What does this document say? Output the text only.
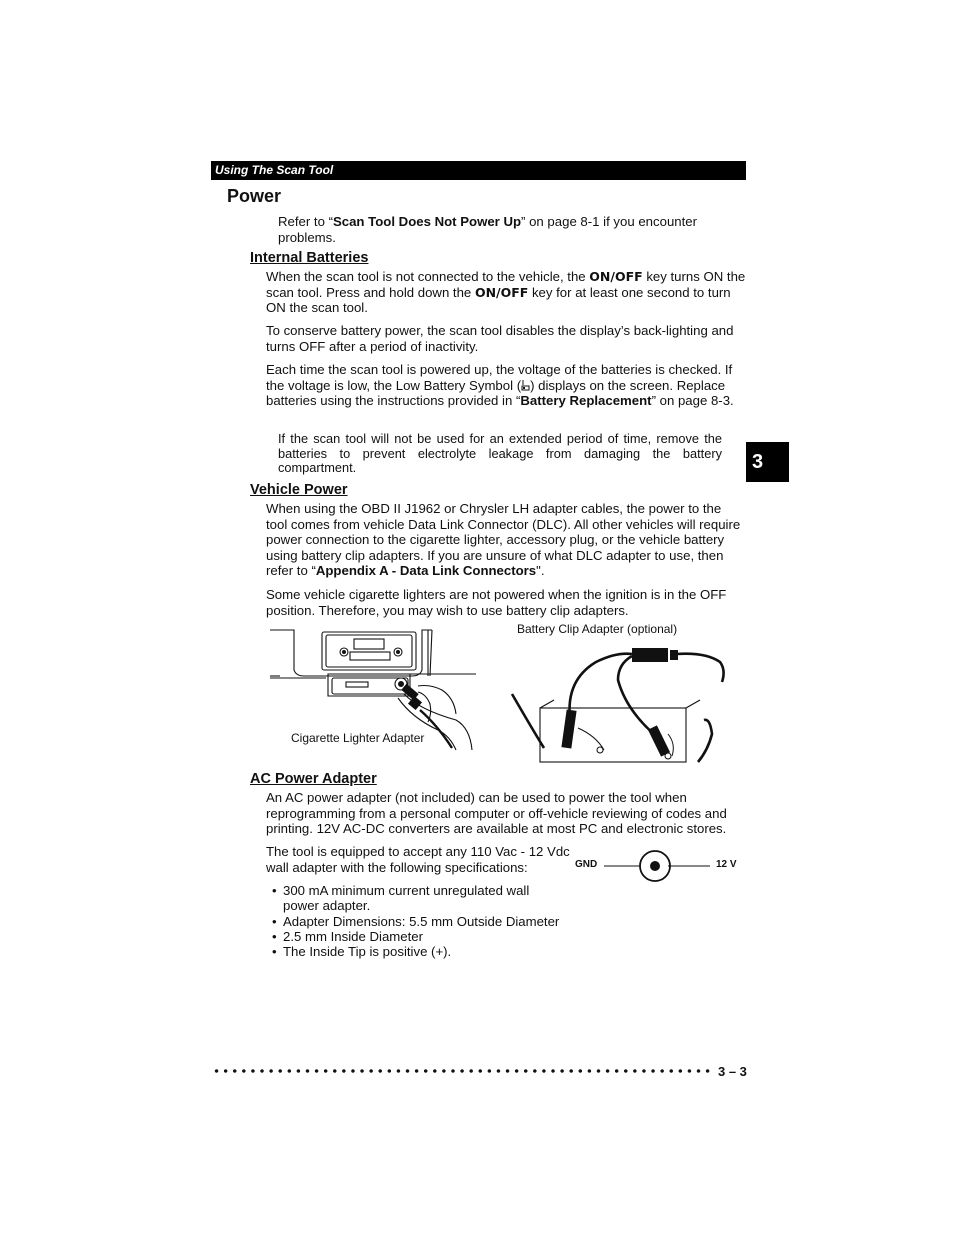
Using The Scan Tool
Power
Refer to “Scan Tool Does Not Power Up” on page 8-1 if you encounter problems.
Internal Batteries
When the scan tool is not connected to the vehicle, the ON/OFF key turns ON the scan tool. Press and hold down the ON/OFF key for at least one second to turn ON the scan tool.
To conserve battery power, the scan tool disables the display’s back-lighting and turns OFF after a period of inactivity.
Each time the scan tool is powered up, the voltage of the batteries is checked. If the voltage is low, the Low Battery Symbol ( ) displays on the screen. Replace batteries using the instructions provided in “Battery Replacement” on page 8-3.
If the scan tool will not be used for an extended period of time, remove the batteries to prevent electrolyte leakage from damaging the battery compartment.	3
Vehicle Power
When using the OBD II J1962 or Chrysler LH adapter cables, the power to the tool comes from vehicle Data Link Connector (DLC). All other vehicles will require power connection to the cigarette lighter, accessory plug, or the vehicle battery using battery clip adapters. If you are unsure of what DLC adapter to use, then refer to “Appendix A - Data Link Connectors".
Some vehicle cigarette lighters are not powered when the ignition is in the OFF position. Therefore, you may wish to use battery clip adapters.
Cigarette Lighter Adapter
Battery Clip Adapter (optional)
AC Power Adapter
An AC power adapter (not included) can be used to power the tool when reprogramming from a personal computer or off-vehicle reviewing of codes and printing. 12V AC-DC converters are available at most PC and electronic stores.
The tool is equipped to accept any 110 Vac - 12 Vdc wall adapter with the following specifications:	GND	12 V
• 300 mA minimum current unregulated wall power adapter.
• Adapter Dimensions: 5.5 mm Outside Diameter
• 2.5 mm Inside Diameter
• The Inside Tip is positive (+).
3 – 3
